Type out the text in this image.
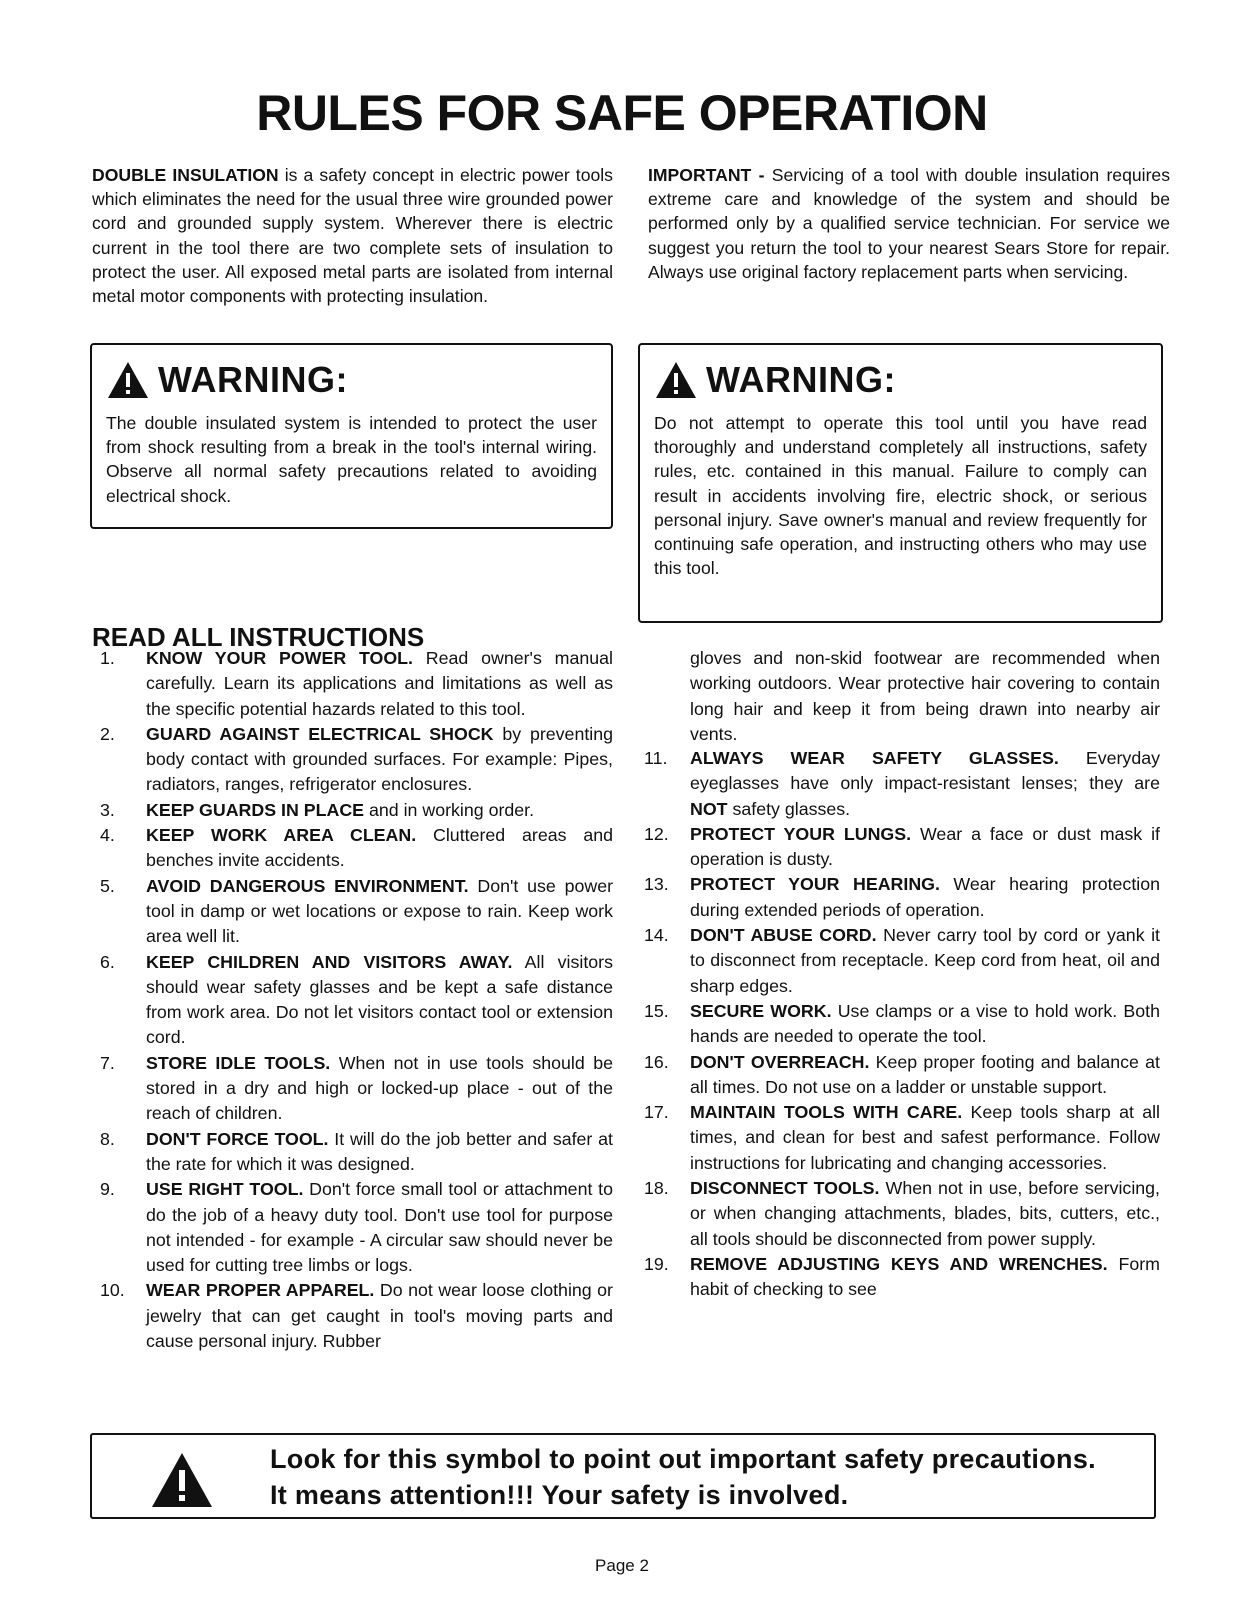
RULES FOR SAFE OPERATION

DOUBLE INSULATION is a safety concept in electric power tools which eliminates the need for the usual three wire grounded power cord and grounded supply system. Wherever there is electric current in the tool there are two complete sets of insulation to protect the user. All exposed metal parts are isolated from internal metal motor components with protecting insulation.

IMPORTANT - Servicing of a tool with double insulation requires extreme care and knowledge of the system and should be performed only by a qualified service technician. For service we suggest you return the tool to your nearest Sears Store for repair. Always use original factory replacement parts when servicing.

WARNING:

The double insulated system is intended to protect the user from shock resulting from a break in the tool's internal wiring. Observe all normal safety precautions related to avoiding electrical shock.

WARNING:

Do not attempt to operate this tool until you have read thoroughly and understand completely all instructions, safety rules, etc. contained in this manual. Failure to comply can result in accidents involving fire, electric shock, or serious personal injury. Save owner's manual and review frequently for continuing safe operation, and instructing others who may use this tool.

READ ALL INSTRUCTIONS
1.	KNOW YOUR POWER TOOL. Read owner's manual carefully. Learn its applications and limitations as well as the specific potential hazards related to this tool.
2.	GUARD AGAINST ELECTRICAL SHOCK by preventing body contact with grounded surfaces. For example: Pipes, radiators, ranges, refrigerator enclosures.
3.	KEEP GUARDS IN PLACE and in working order.
4.	KEEP WORK AREA CLEAN. Cluttered areas and benches invite accidents.
5.	AVOID DANGEROUS ENVIRONMENT. Don't use power tool in damp or wet locations or expose to rain. Keep work area well lit.
6.	KEEP CHILDREN AND VISITORS AWAY. All visitors should wear safety glasses and be kept a safe distance from work area. Do not let visitors contact tool or extension cord.
7.	STORE IDLE TOOLS. When not in use tools should be stored in a dry and high or locked-up place - out of the reach of children.
8.	DON'T FORCE TOOL. It will do the job better and safer at the rate for which it was designed.
9.	USE RIGHT TOOL. Don't force small tool or attachment to do the job of a heavy duty tool. Don't use tool for purpose not intended - for example - A circular saw should never be used for cutting tree limbs or logs.
10.	WEAR PROPER APPAREL. Do not wear loose clothing or jewelry that can get caught in tool's moving parts and cause personal injury. Rubber

gloves and non-skid footwear are recommended when working outdoors. Wear protective hair covering to contain long hair and keep it from being drawn into nearby air vents.

11.	ALWAYS WEAR SAFETY GLASSES. Everyday eyeglasses have only impact-resistant lenses; they are NOT safety glasses.
12.	PROTECT YOUR LUNGS. Wear a face or dust mask if operation is dusty.
13.	PROTECT YOUR HEARING. Wear hearing protection during extended periods of operation.
14.	DON'T ABUSE CORD. Never carry tool by cord or yank it to disconnect from receptacle. Keep cord from heat, oil and sharp edges.
15.	SECURE WORK. Use clamps or a vise to hold work. Both hands are needed to operate the tool.
16.	DON'T OVERREACH. Keep proper footing and balance at all times. Do not use on a ladder or unstable support.
17.	MAINTAIN TOOLS WITH CARE. Keep tools sharp at all times, and clean for best and safest performance. Follow instructions for lubricating and changing accessories.
18.	DISCONNECT TOOLS. When not in use, before servicing, or when changing attachments, blades, bits, cutters, etc., all tools should be disconnected from power supply.
19.	REMOVE ADJUSTING KEYS AND WRENCHES. Form habit of checking to see
Look for this symbol to point out important safety precautions.
It means attention!!! Your safety is involved.
Page 2
